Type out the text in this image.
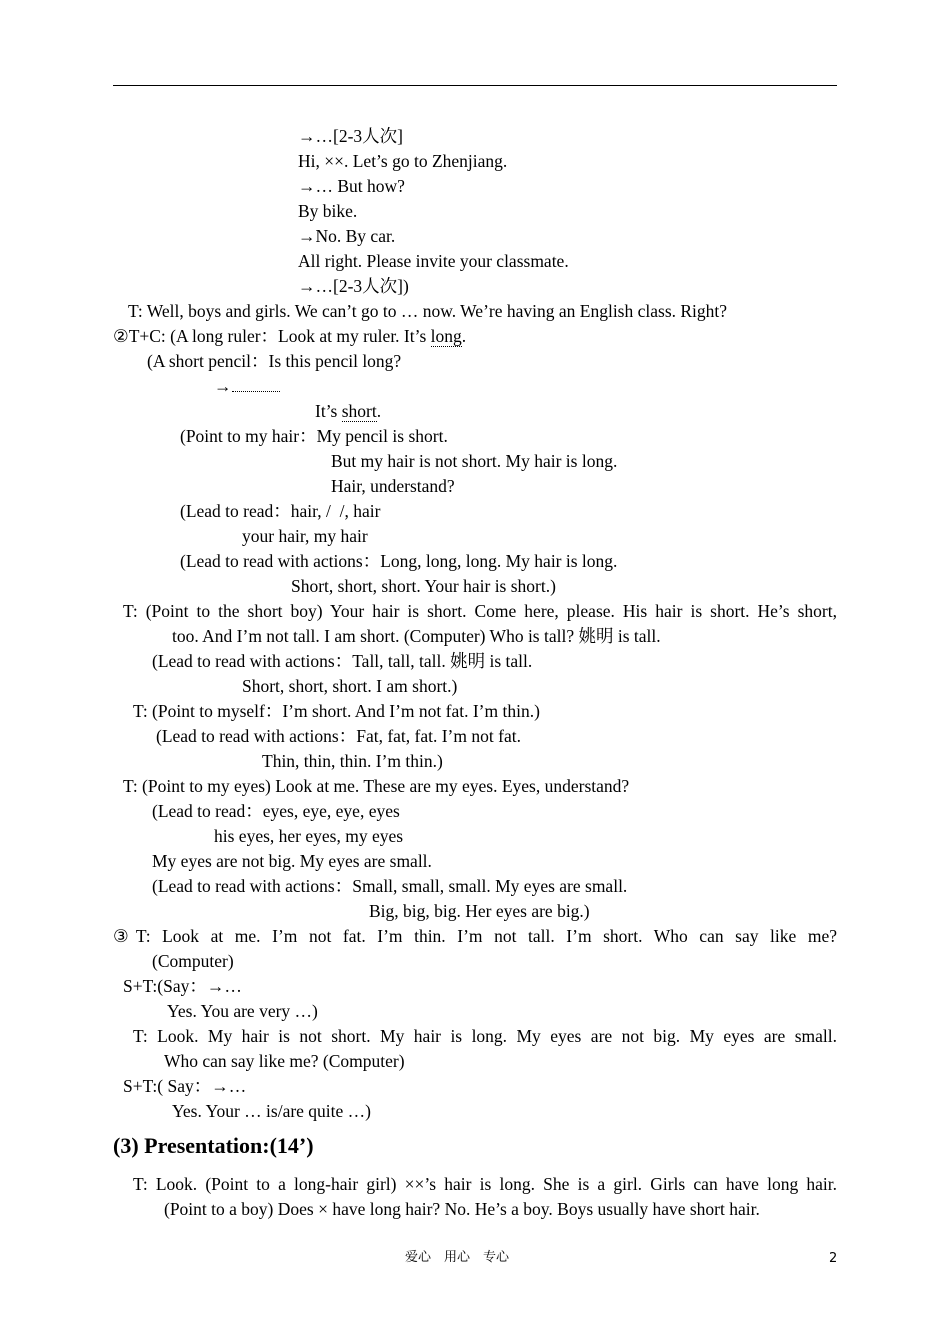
→…[2-3人次]
Hi, ××. Let’s go to Zhenjiang.
→… But how?
By bike.
→No. By car.
All right. Please invite your classmate.
→…[2-3人次])
T: Well, boys and girls. We can’t go to … now. We’re having an English class. Right?
②T+C: (A long ruler：Look at my ruler. It’s long.
(A short pencil：Is this pencil long?
→
It’s short.
(Point to my hair：My pencil is short.
But my hair is not short. My hair is long.
Hair, understand?
(Lead to read：hair, /  /, hair
your hair, my hair
(Lead to read with actions：Long, long, long. My hair is long.
Short, short, short. Your hair is short.)
T: (Point to the short boy) Your hair is short. Come here, please. His hair is short. He’s short,
too. And I’m not tall. I am short. (Computer) Who is tall? 姚明 is tall.
(Lead to read with actions：Tall, tall, tall. 姚明 is tall.
Short, short, short. I am short.)
T: (Point to myself：I’m short. And I’m not fat. I’m thin.)
(Lead to read with actions：Fat, fat, fat. I’m not fat.
Thin, thin, thin. I’m thin.)
T: (Point to my eyes) Look at me. These are my eyes. Eyes, understand?
(Lead to read：eyes, eye, eye, eyes
his eyes, her eyes, my eyes
My eyes are not big. My eyes are small.
(Lead to read with actions：Small, small, small. My eyes are small.
Big, big, big. Her eyes are big.)
③T: Look at me. I’m not fat. I’m thin. I’m not tall. I’m short. Who can say like me?
(Computer)
S+T:(Say：→…
Yes. You are very …)
T: Look. My hair is not short. My hair is long. My eyes are not big. My eyes are small.
Who can say like me? (Computer)
S+T:( Say：→…
Yes. Your … is/are quite …)
(3) Presentation:(14’)
T: Look. (Point to a long-hair girl) ××’s hair is long. She is a girl. Girls can have long hair.
(Point to a boy) Does × have long hair? No. He’s a boy. Boys usually have short hair.
爱心　用心　专心	2
